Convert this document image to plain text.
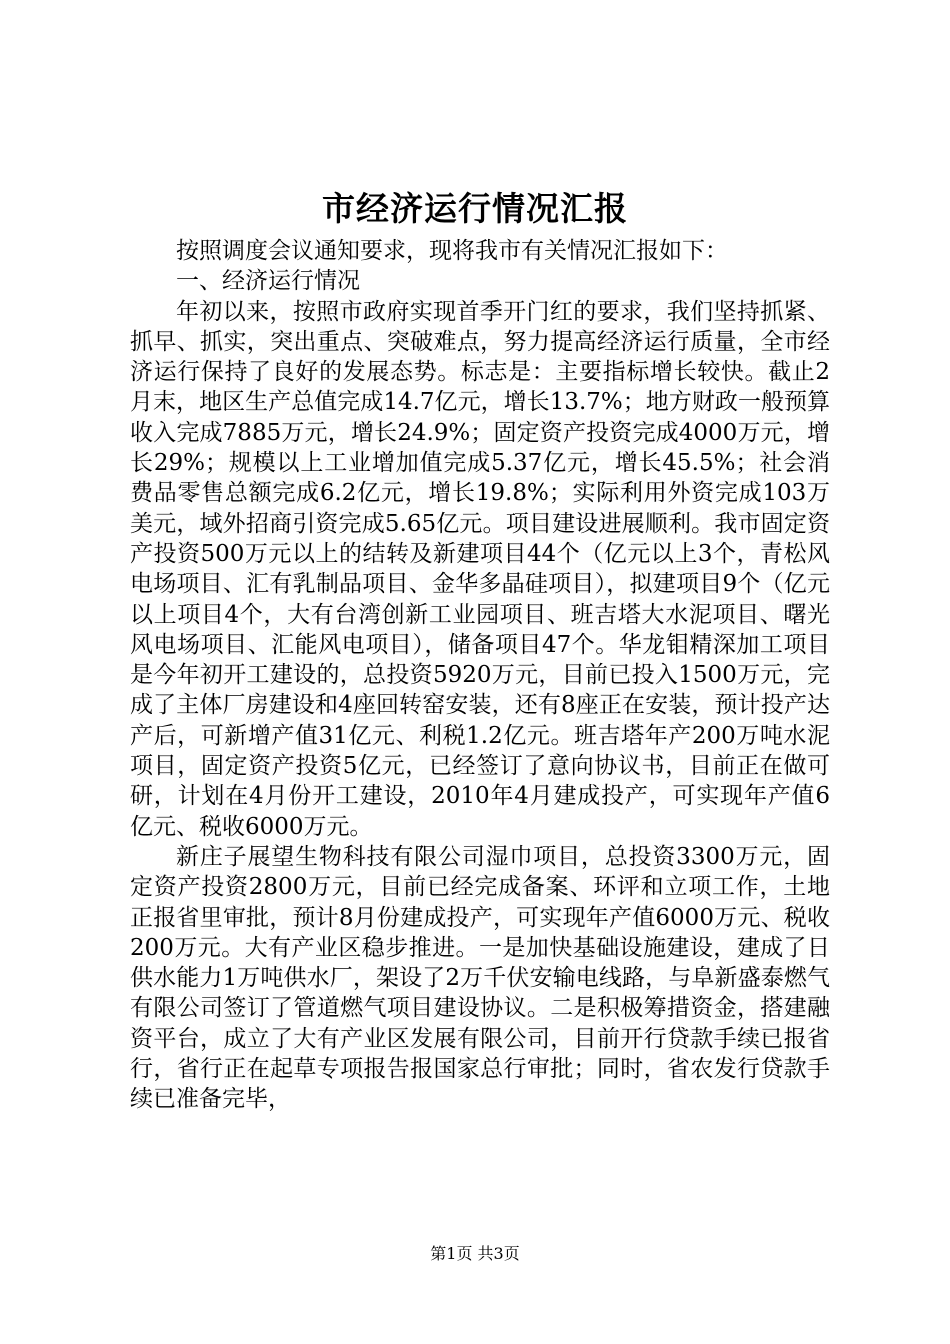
市经济运行情况汇报

按照调度会议通知要求，现将我市有关情况汇报如下：

一、经济运行情况

年初以来，按照市政府实现首季开门红的要求，我们坚持抓紧、抓早、抓实，突出重点、突破难点，努力提高经济运行质量，全市经济运行保持了良好的发展态势。标志是：主要指标增长较快。截止2月末，地区生产总值完成14.7亿元，增长13.7%；地方财政一般预算收入完成7885万元，增长24.9%；固定资产投资完成4000万元，增长29%；规模以上工业增加值完成5.37亿元，增长45.5%；社会消费品零售总额完成6.2亿元，增长19.8%；实际利用外资完成103万美元，域外招商引资完成5.65亿元。项目建设进展顺利。我市固定资产投资500万元以上的结转及新建项目44个（亿元以上3个，青松风电场项目、汇有乳制品项目、金华多晶硅项目），拟建项目9个（亿元以上项目4个，大有台湾创新工业园项目、班吉塔大水泥项目、曙光风电场项目、汇能风电项目），储备项目47个。华龙钼精深加工项目是今年初开工建设的，总投资5920万元，目前已投入1500万元，完成了主体厂房建设和4座回转窑安装，还有8座正在安装，预计投产达产后，可新增产值31亿元、利税1.2亿元。班吉塔年产200万吨水泥项目，固定资产投资5亿元，已经签订了意向协议书，目前正在做可研，计划在4月份开工建设，2010年4月建成投产，可实现年产值6亿元、税收6000万元。

新庄子展望生物科技有限公司湿巾项目，总投资3300万元，固定资产投资2800万元，目前已经完成备案、环评和立项工作，土地正报省里审批，预计8月份建成投产，可实现年产值6000万元、税收200万元。大有产业区稳步推进。一是加快基础设施建设，建成了日供水能力1万吨供水厂，架设了2万千伏安输电线路，与阜新盛泰燃气有限公司签订了管道燃气项目建设协议。二是积极筹措资金，搭建融资平台，成立了大有产业区发展有限公司，目前开行贷款手续已报省行，省行正在起草专项报告报国家总行审批；同时，省农发行贷款手续已准备完毕，

第1页 共3页
